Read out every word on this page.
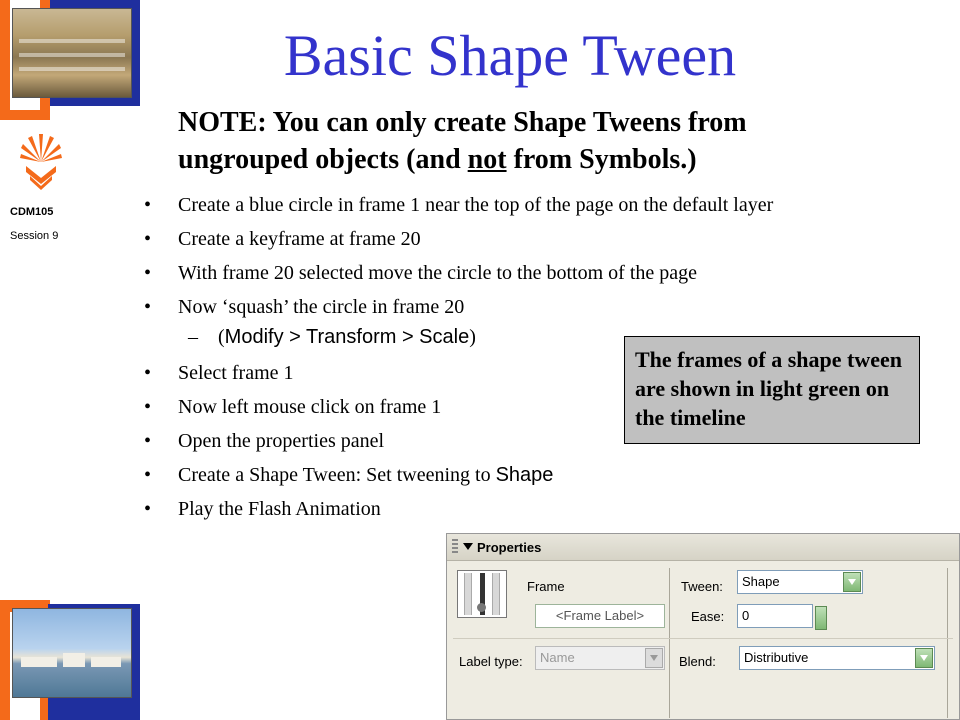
CDM105
Session 9
Basic Shape Tween
NOTE: You can only create Shape Tweens from ungrouped objects (and not from Symbols.)
• Create a blue circle in frame 1 near the top of the page on the default layer
• Create a keyframe at frame 20
• With frame 20 selected move the circle to the bottom of the page
• Now ‘squash’ the circle in frame 20
– (Modify > Transform > Scale)
• Select frame 1
• Now left mouse click on frame 1
• Open the properties panel
• Create a Shape Tween: Set tweening to Shape
• Play the Flash Animation
The frames of a shape tween are shown in light green on the timeline
Properties
Frame
<Frame Label>
Tween:	Shape
Ease:	0
Label type:	Name	Blend:	Distributive
